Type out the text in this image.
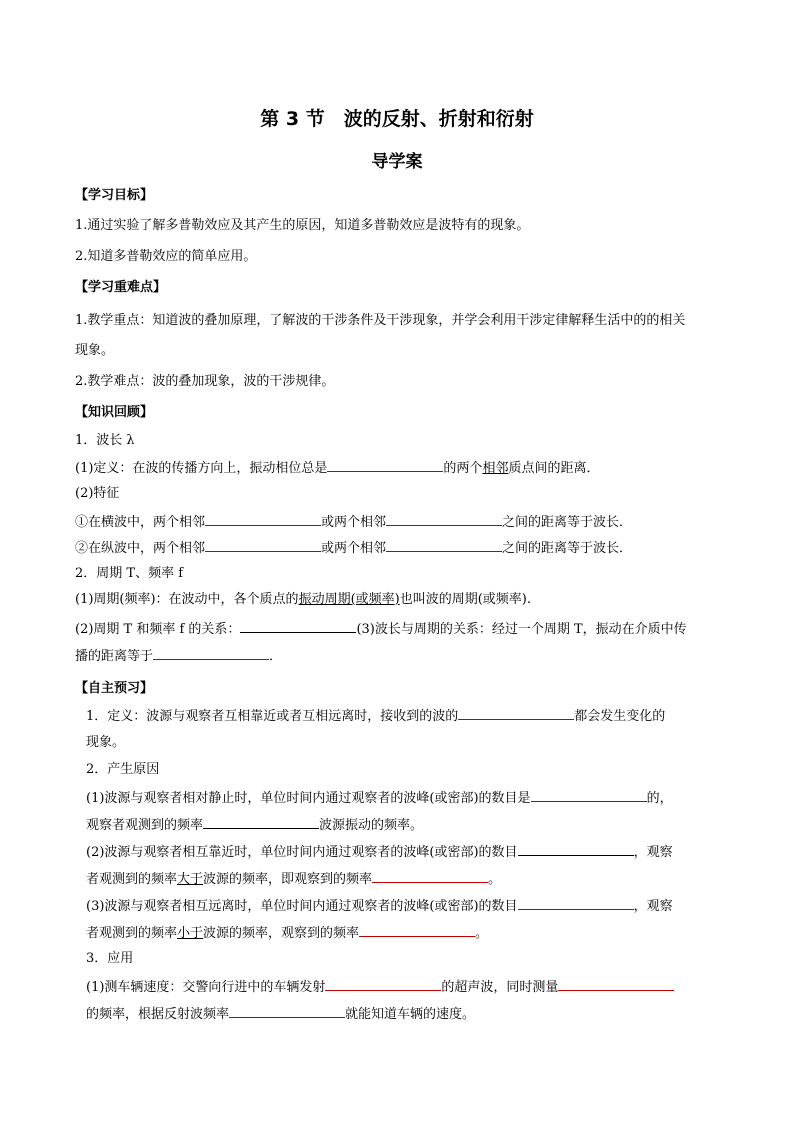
第 3 节　波的反射、折射和衍射
导学案
【学习目标】
1.通过实验了解多普勒效应及其产生的原因，知道多普勒效应是波特有的现象。
2.知道多普勒效应的简单应用。
【学习重难点】
1.教学重点：知道波的叠加原理，了解波的干涉条件及干涉现象，并学会利用干涉定律解释生活中的的相关
现象。
2.教学难点：波的叠加现象，波的干涉规律。
【知识回顾】
1．波长 λ
(1)定义：在波的传播方向上，振动相位总是	的两个相邻质点间的距离．
(2)特征
①在横波中，两个相邻	或两个相邻	之间的距离等于波长．
②在纵波中，两个相邻	或两个相邻	之间的距离等于波长．
2．周期 T、频率 f
(1)周期(频率)：在波动中，各个质点的振动周期(或频率)也叫波的周期(或频率).
(2)周期 T 和频率 f 的关系：	(3)波长与周期的关系：经过一个周期 T，振动在介质中传
播的距离等于	．
【自主预习】
1．定义：波源与观察者互相靠近或者互相远离时，接收到的波的	都会发生变化的
现象。
2．产生原因
(1)波源与观察者相对静止时，单位时间内通过观察者的波峰(或密部)的数目是	的，
观察者观测到的频率	波源振动的频率。
(2)波源与观察者相互靠近时，单位时间内通过观察者的波峰(或密部)的数目	，观察
者观测到的频率大于波源的频率，即观察到的频率	。
(3)波源与观察者相互远离时，单位时间内通过观察者的波峰(或密部)的数目	，观察
者观测到的频率小于波源的频率，观察到的频率	。
3．应用
(1)测车辆速度：交警向行进中的车辆发射	的超声波，同时测量
的频率，根据反射波频率	就能知道车辆的速度。
